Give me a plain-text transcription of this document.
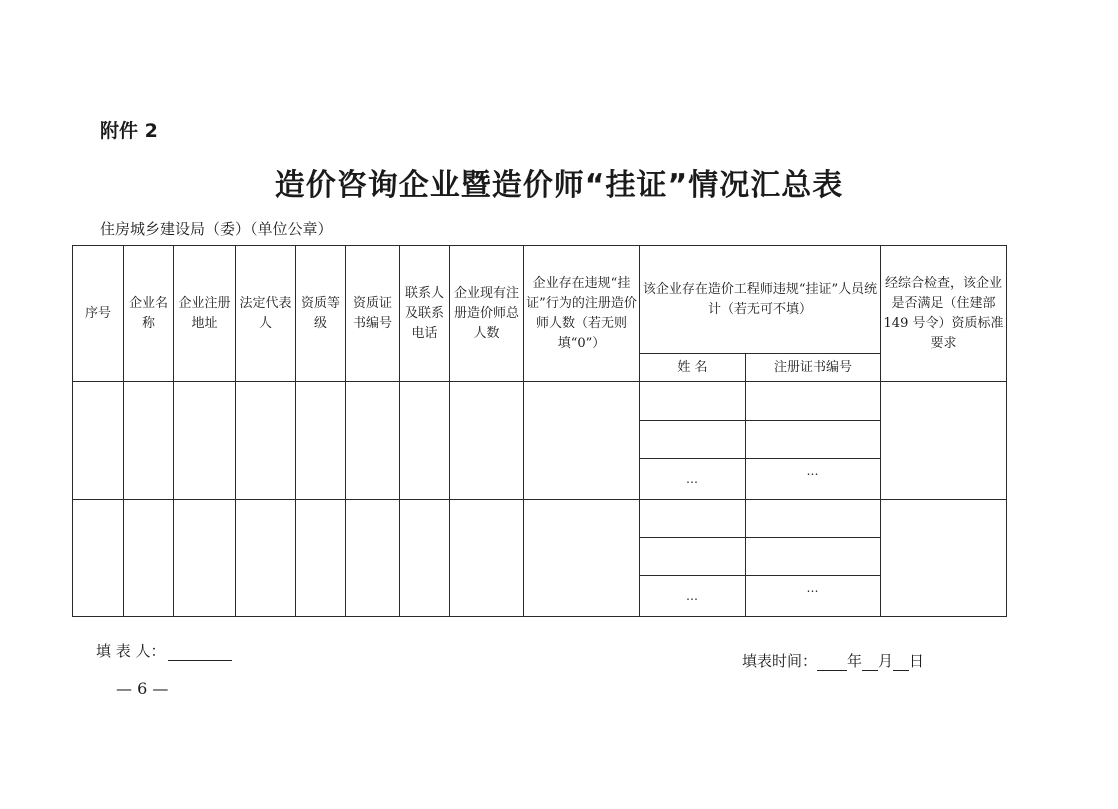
附件 2
造价咨询企业暨造价师“挂证”情况汇总表
住房城乡建设局（委）（单位公章）
序号	企业名称	企业注册地址	法定代表人	资质等级	资质证书编号	联系人及联系电话	企业现有注册造价师总人数	企业存在违规“挂证”行为的注册造价师人数（若无则填“0”）	该企业存在造价工程师违规“挂证”人员统计（若无可不填）		经综合检查，该企业是否满足（住建部 149 号令）资质标准要求
									姓 名	注册证书编号	

									…	…	

									…	…	
填 表 人：
— 6 —
填表时间： 年 月 日
